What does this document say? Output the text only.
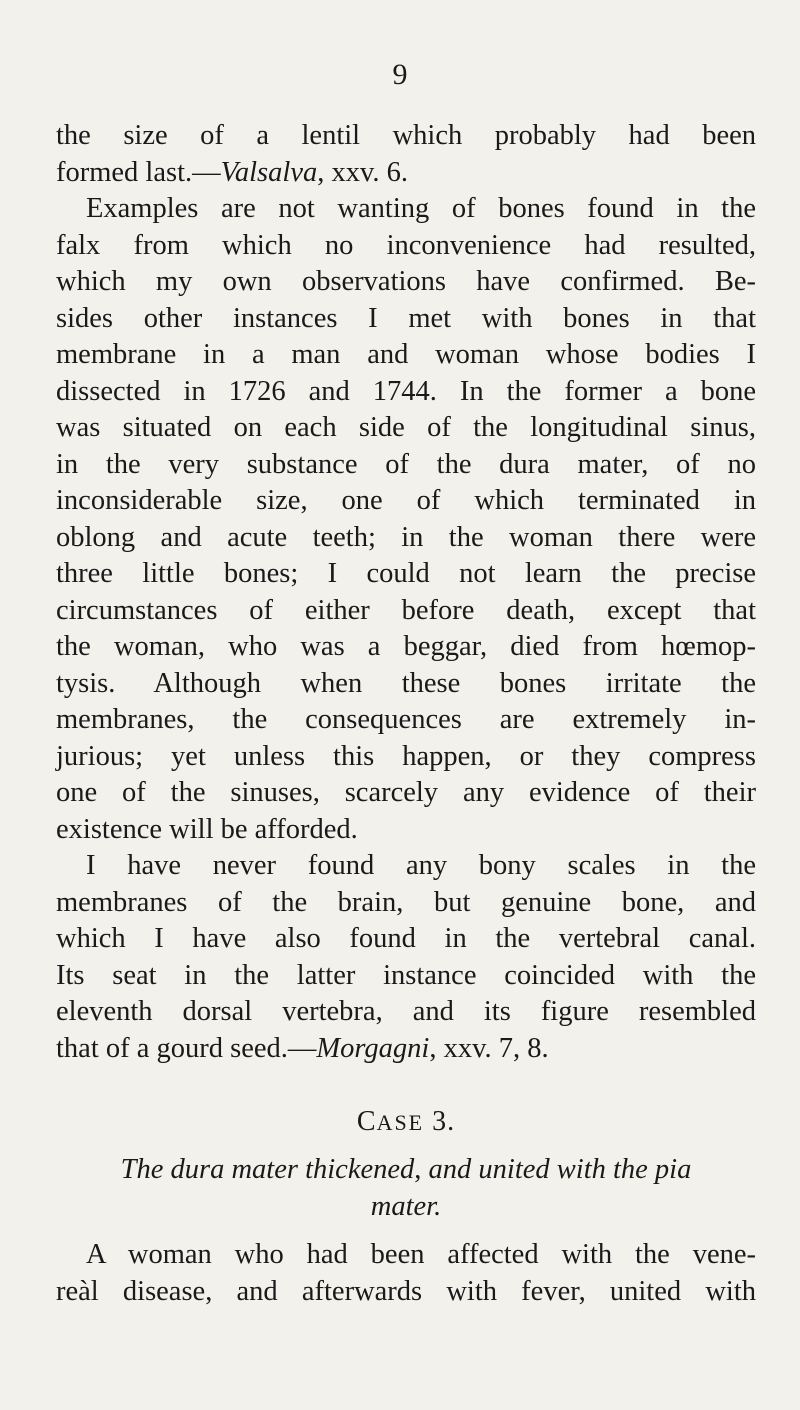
9
the size of a lentil which probably had been
formed last.—Valsalva, xxv. 6.
Examples are not wanting of bones found in the
falx from which no inconvenience had resulted,
which my own observations have confirmed. Be-
sides other instances I met with bones in that
membrane in a man and woman whose bodies I
dissected in 1726 and 1744. In the former a bone
was situated on each side of the longitudinal sinus,
in the very substance of the dura mater, of no
inconsiderable size, one of which terminated in
oblong and acute teeth; in the woman there were
three little bones; I could not learn the precise
circumstances of either before death, except that
the woman, who was a beggar, died from hœmop-
tysis. Although when these bones irritate the
membranes, the consequences are extremely in-
jurious; yet unless this happen, or they compress
one of the sinuses, scarcely any evidence of their
existence will be afforded.
I have never found any bony scales in the
membranes of the brain, but genuine bone, and
which I have also found in the vertebral canal.
Its seat in the latter instance coincided with the
eleventh dorsal vertebra, and its figure resembled
that of a gourd seed.—Morgagni, xxv. 7, 8.
CASE 3.
The dura mater thickened, and united with the pia
mater.
A woman who had been affected with the vene-
reàl disease, and afterwards with fever, united with
